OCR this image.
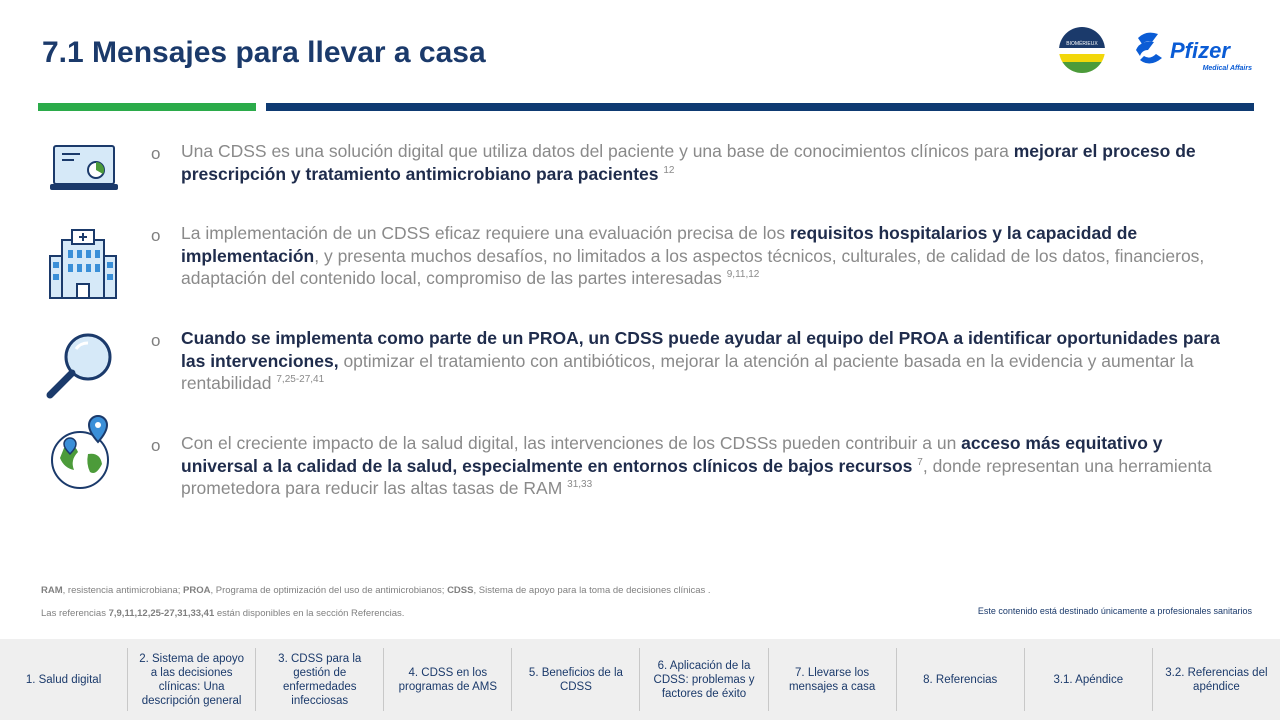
7.1 Mensajes para llevar a casa	BIOMÉRIEUX	Pfizer
Medical Affairs
o Una CDSS es una solución digital que utiliza datos del paciente y una base de conocimientos clínicos para mejorar el proceso de prescripción y tratamiento antimicrobiano para pacientes $^{12}$
o La implementación de un CDSS eficaz requiere una evaluación precisa de los requisitos hospitalarios y la capacidad de implementación, y presenta muchos desafíos, no limitados a los aspectos técnicos, culturales, de calidad de los datos, financieros, adaptación del contenido local, compromiso de las partes interesadas $^{9,11,12}$
o Cuando se implementa como parte de un PROA, un CDSS puede ayudar al equipo del PROA a identificar oportunidades para las intervenciones, optimizar el tratamiento con antibióticos, mejorar la atención al paciente basada en la evidencia y aumentar la rentabilidad $^{7,25-27,41}$
o Con el creciente impacto de la salud digital, las intervenciones de los CDSSs pueden contribuir a un acceso más equitativo y universal a la calidad de la salud, especialmente en entornos clínicos de bajos recursos $^7$, donde representan una herramienta prometedora para reducir las altas tasas de RAM $^{31,33}$
RAM, resistencia antimicrobiana; PROA, Programa de optimización del uso de antimicrobianos; CDSS, Sistema de apoyo para la toma de decisiones clínicas .
Las referencias 7,9,11,12,25-27,31,33,41 están disponibles en la sección Referencias.	Este contenido está destinado únicamente a profesionales sanitarios
1. Salud digital
2. Sistema de apoyo a las decisiones clínicas: Una descripción general
3. CDSS para la gestión de enfermedades infecciosas
4. CDSS en los programas de AMS
5. Beneficios de la CDSS
6. Aplicación de la CDSS: problemas y factores de éxito
7. Llevarse los mensajes a casa
8. Referencias	3.1. Apéndice
3.2. Referencias del apéndice
